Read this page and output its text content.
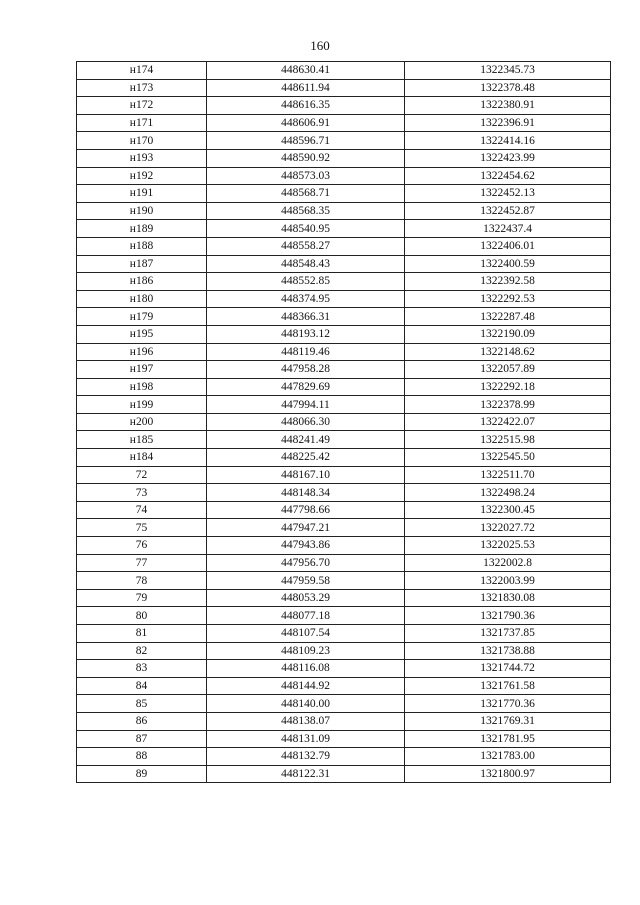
160
н174	448630.41	1322345.73
н173	448611.94	1322378.48
н172	448616.35	1322380.91
н171	448606.91	1322396.91
н170	448596.71	1322414.16
н193	448590.92	1322423.99
н192	448573.03	1322454.62
н191	448568.71	1322452.13
н190	448568.35	1322452.87
н189	448540.95	1322437.4
н188	448558.27	1322406.01
н187	448548.43	1322400.59
н186	448552.85	1322392.58
н180	448374.95	1322292.53
н179	448366.31	1322287.48
н195	448193.12	1322190.09
н196	448119.46	1322148.62
н197	447958.28	1322057.89
н198	447829.69	1322292.18
н199	447994.11	1322378.99
н200	448066.30	1322422.07
н185	448241.49	1322515.98
н184	448225.42	1322545.50
72	448167.10	1322511.70
73	448148.34	1322498.24
74	447798.66	1322300.45
75	447947.21	1322027.72
76	447943.86	1322025.53
77	447956.70	1322002.8
78	447959.58	1322003.99
79	448053.29	1321830.08
80	448077.18	1321790.36
81	448107.54	1321737.85
82	448109.23	1321738.88
83	448116.08	1321744.72
84	448144.92	1321761.58
85	448140.00	1321770.36
86	448138.07	1321769.31
87	448131.09	1321781.95
88	448132.79	1321783.00
89	448122.31	1321800.97
